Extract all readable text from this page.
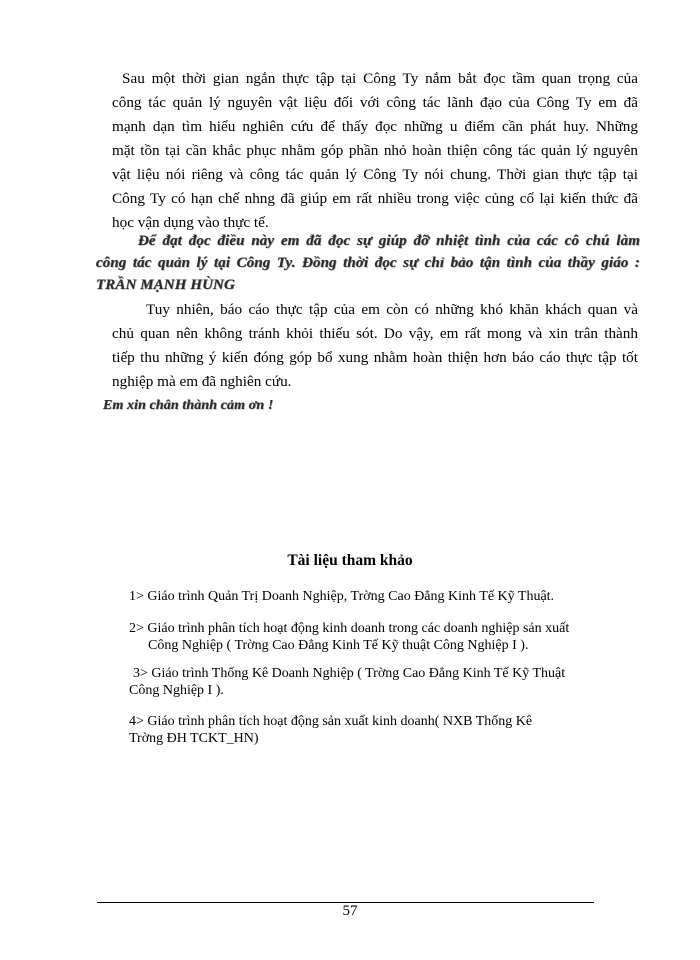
Sau một thời gian ngắn thực tập tại Công Ty nắm bắt đọc tầm quan trọng của
công tác quản lý nguyên vật liệu đối với công tác lãnh đạo của Công Ty em đã
mạnh dạn tìm hiểu nghiên cứu để thấy đọc những u điểm cần phát huy. Những
mặt tồn tại cần khắc phục nhằm góp phần nhỏ hoàn thiện công tác quản lý nguyên
vật liệu nói riêng và công tác quản lý Công Ty nói chung. Thời gian thực tập tại
Công Ty có hạn chế nhng đã giúp em rất nhiều trong việc củng cố lại kiến thức đã
học vận dụng vào thực tế.
Để đạt đọc điều này em đã đọc sự giúp đỡ nhiệt tình của các cô chú làm
công tác quản lý tại Công Ty. Đồng thời đọc sự chỉ bảo tận tình của thầy giáo :
TRẦN MẠNH HÙNG
Tuy nhiên, báo cáo thực tập của em còn có những khó khăn khách quan và
chủ quan nên không tránh khỏi thiếu sót. Do vậy, em rất mong và xin trân thành
tiếp thu những ý kiến đóng góp bổ xung nhằm hoàn thiện hơn báo cáo thực tập tốt
nghiệp mà em đã nghiên cứu.
Em xin chân thành cảm ơn !
Tài liệu tham khảo
1> Giáo trình Quản Trị Doanh Nghiệp, Trờng Cao Đẳng Kinh Tế Kỹ Thuật.
2> Giáo trình phân tích hoạt động kinh doanh trong các doanh nghiệp sản xuất
Công Nghiệp ( Trờng Cao Đẳng Kinh Tế Kỹ thuật Công Nghiệp I ).
3> Giáo trình Thống Kê Doanh Nghiệp ( Trờng Cao Đẳng Kinh Tế Kỹ Thuật
Công Nghiệp I ).
4> Giáo trình phân tích hoạt động sản xuất kinh doanh( NXB Thống Kê
Trờng ĐH TCKT_HN)
57
